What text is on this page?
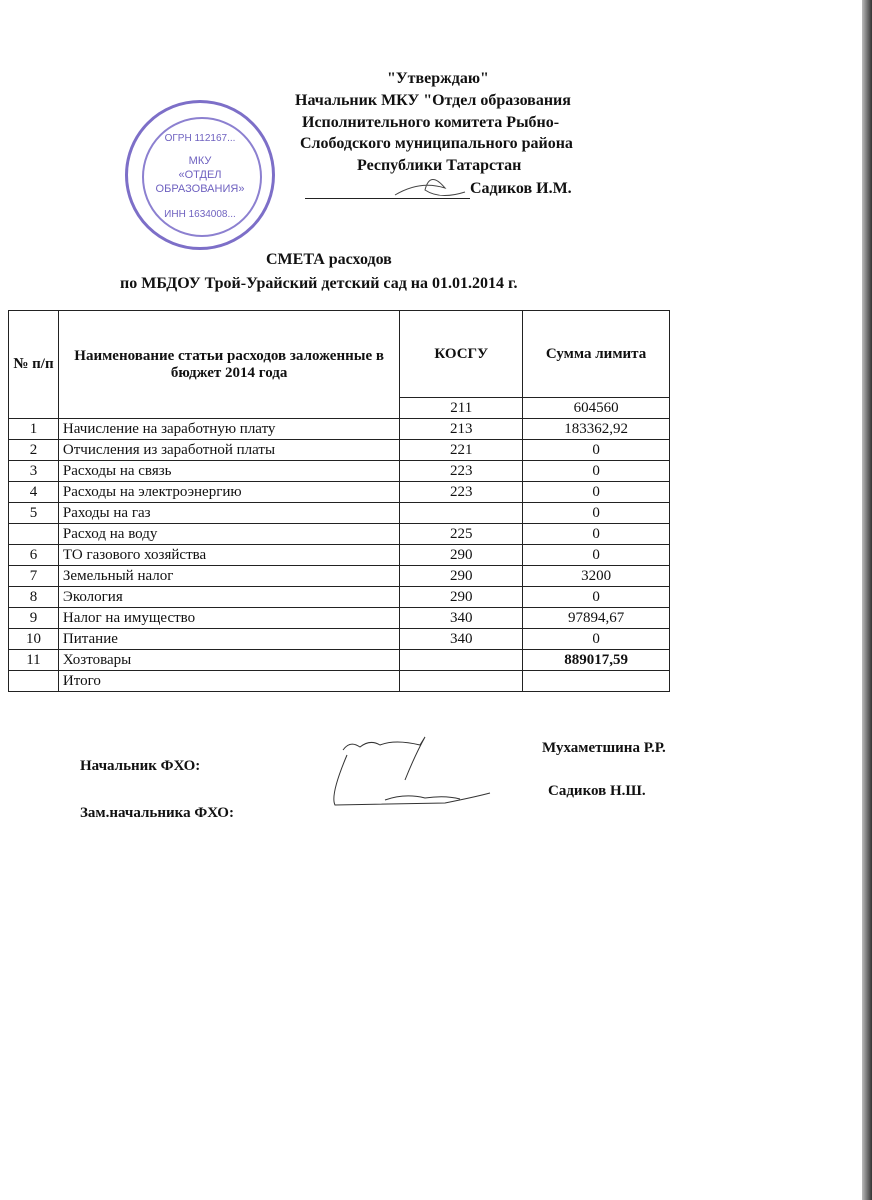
ОГРН 112167...
МКУ
«ОТДЕЛ
ОБРАЗОВАНИЯ»
ИНН 1634008...
"Утверждаю"
Начальник МКУ "Отдел образования
Исполнительного комитета Рыбно-
Слободского муниципального района
Республики Татарстан
Садиков И.М.
СМЕТА расходов
по МБДОУ Трой-Урайский детский сад на 01.01.2014 г.
№ п/п	Наименование статьи расходов заложенные в бюджет 2014 года	КОСГУ	Сумма лимита
		211	604560
1	Начисление на заработную плату	213	183362,92
2	Отчисления из заработной платы	221	0
3	Расходы на связь	223	0
4	Расходы на электроэнергию	223	0
5	Раходы на газ		0
	Расход на воду	225	0
6	ТО газового хозяйства	290	0
7	Земельный налог	290	3200
8	Экология	290	0
9	Налог на имущество	340	97894,67
10	Питание	340	0
11	Хозтовары		889017,59
	Итого		
Начальник ФХО:
Зам.начальника ФХО:
Мухаметшина Р.Р.
Садиков Н.Ш.
